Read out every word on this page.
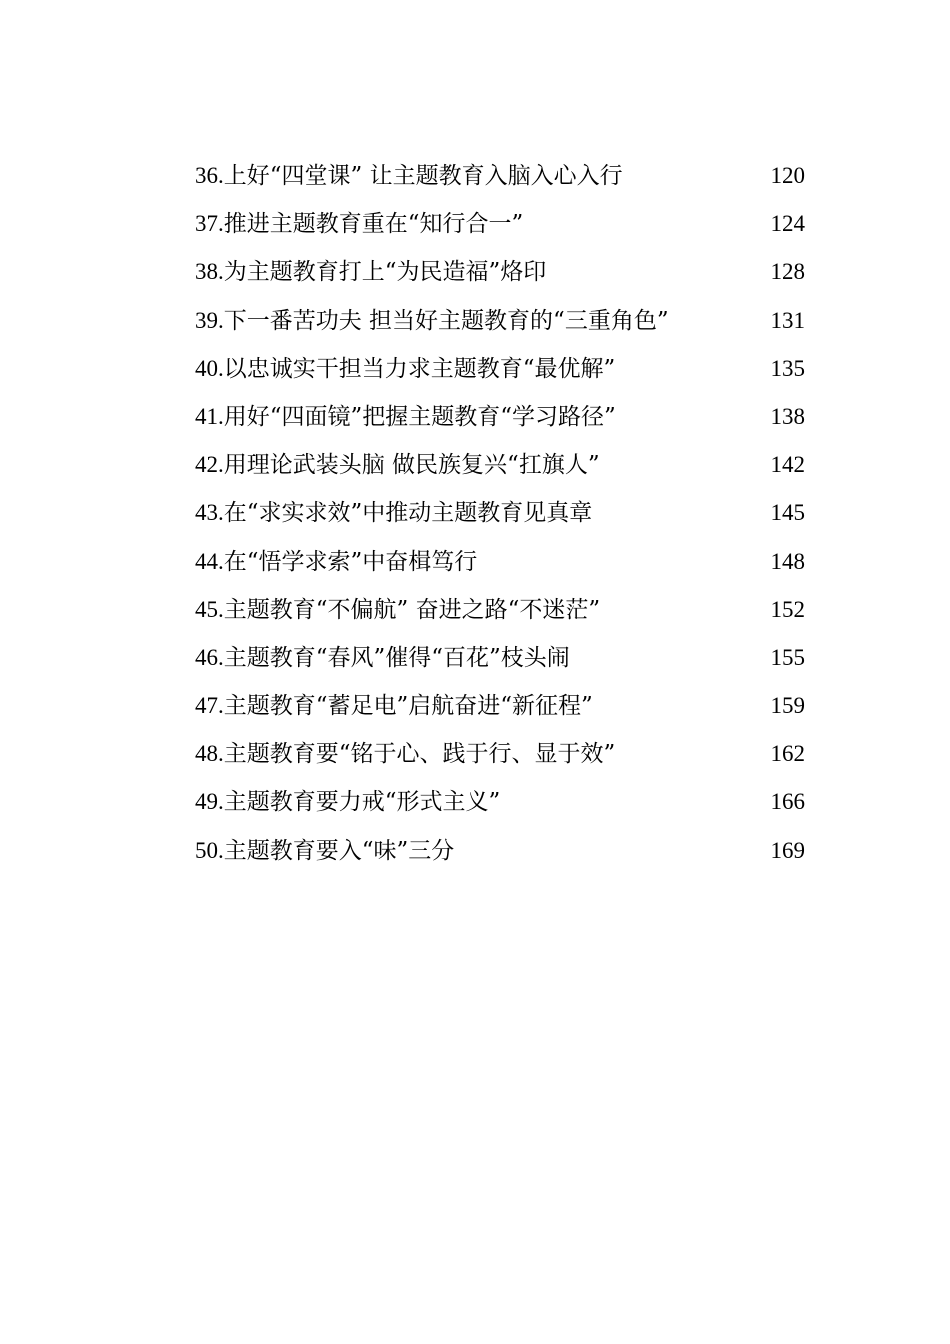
36. 上好“四堂课” 让主题教育入脑入心入行	120
37. 推进主题教育重在“知行合一”	124
38. 为主题教育打上“为民造福”烙印	128
39. 下一番苦功夫 担当好主题教育的“三重角色”	131
40. 以忠诚实干担当力求主题教育“最优解”	135
41. 用好“四面镜”把握主题教育“学习路径”	138
42. 用理论武装头脑 做民族复兴“扛旗人”	142
43. 在“求实求效”中推动主题教育见真章	145
44. 在“悟学求索”中奋楫笃行	148
45. 主题教育“不偏航” 奋进之路“不迷茫”	152
46. 主题教育“春风”催得“百花”枝头闹	155
47. 主题教育“蓄足电”启航奋进“新征程”	159
48. 主题教育要“铭于心、践于行、显于效”	162
49. 主题教育要力戒“形式主义”	166
50. 主题教育要入“味”三分	169
